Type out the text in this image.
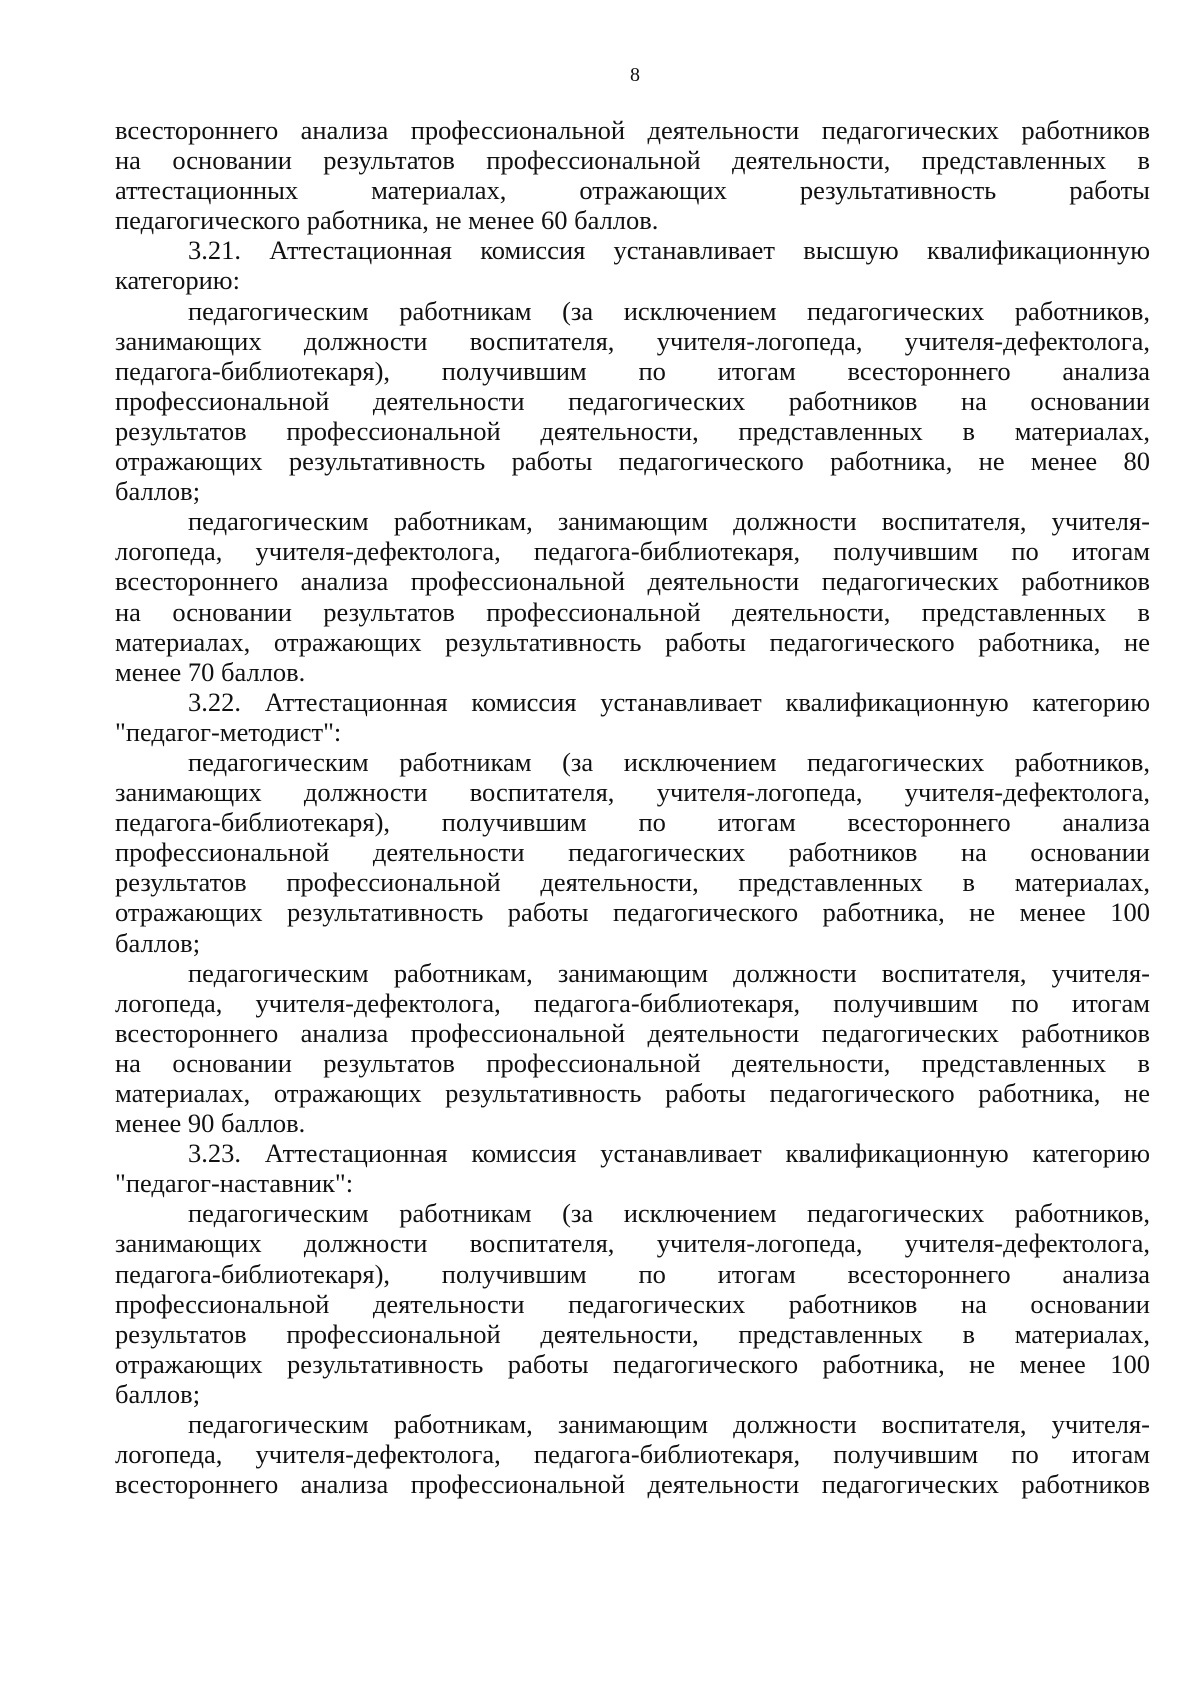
8
всестороннего анализа профессиональной деятельности педагогических работников
на основании результатов профессиональной деятельности, представленных в
аттестационных материалах, отражающих результативность работы
педагогического работника, не менее 60 баллов.
3.21. Аттестационная комиссия устанавливает высшую квалификационную
категорию:
педагогическим работникам (за исключением педагогических работников,
занимающих должности воспитателя, учителя-логопеда, учителя-дефектолога,
педагога-библиотекаря), получившим по итогам всестороннего анализа
профессиональной деятельности педагогических работников на основании
результатов профессиональной деятельности, представленных в материалах,
отражающих результативность работы педагогического работника, не менее 80
баллов;
педагогическим работникам, занимающим должности воспитателя, учителя-
логопеда, учителя-дефектолога, педагога-библиотекаря, получившим по итогам
всестороннего анализа профессиональной деятельности педагогических работников
на основании результатов профессиональной деятельности, представленных в
материалах, отражающих результативность работы педагогического работника, не
менее 70 баллов.
3.22. Аттестационная комиссия устанавливает квалификационную категорию
"педагог-методист":
педагогическим работникам (за исключением педагогических работников,
занимающих должности воспитателя, учителя-логопеда, учителя-дефектолога,
педагога-библиотекаря), получившим по итогам всестороннего анализа
профессиональной деятельности педагогических работников на основании
результатов профессиональной деятельности, представленных в материалах,
отражающих результативность работы педагогического работника, не менее 100
баллов;
педагогическим работникам, занимающим должности воспитателя, учителя-
логопеда, учителя-дефектолога, педагога-библиотекаря, получившим по итогам
всестороннего анализа профессиональной деятельности педагогических работников
на основании результатов профессиональной деятельности, представленных в
материалах, отражающих результативность работы педагогического работника, не
менее 90 баллов.
3.23. Аттестационная комиссия устанавливает квалификационную категорию
"педагог-наставник":
педагогическим работникам (за исключением педагогических работников,
занимающих должности воспитателя, учителя-логопеда, учителя-дефектолога,
педагога-библиотекаря), получившим по итогам всестороннего анализа
профессиональной деятельности педагогических работников на основании
результатов профессиональной деятельности, представленных в материалах,
отражающих результативность работы педагогического работника, не менее 100
баллов;
педагогическим работникам, занимающим должности воспитателя, учителя-
логопеда, учителя-дефектолога, педагога-библиотекаря, получившим по итогам
всестороннего анализа профессиональной деятельности педагогических работников
